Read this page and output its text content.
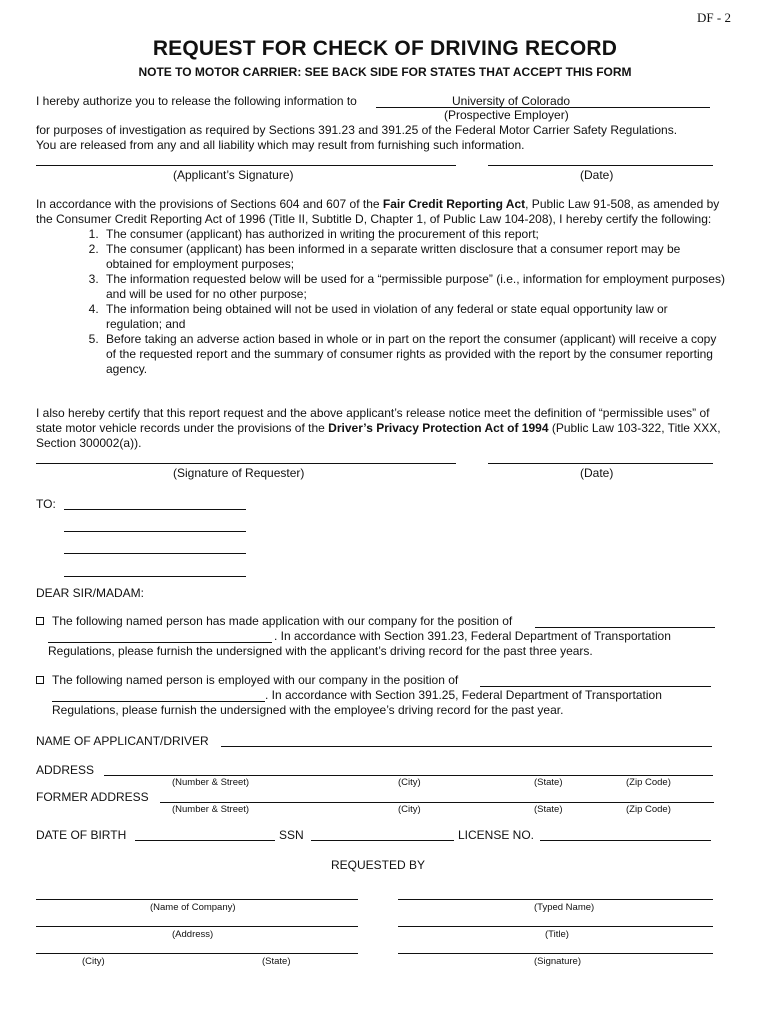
DF - 2
REQUEST FOR CHECK OF DRIVING RECORD
NOTE TO MOTOR CARRIER: SEE BACK SIDE FOR STATES THAT ACCEPT THIS FORM
I hereby authorize you to release the following information to	University of Colorado
(Prospective Employer)
for purposes of investigation as required by Sections 391.23 and 391.25 of the Federal Motor Carrier Safety Regulations.
You are released from any and all liability which may result from furnishing such information.
(Applicant’s Signature)	(Date)

In accordance with the provisions of Sections 604 and 607 of the Fair Credit Reporting Act, Public Law 91-508, as amended by the Consumer Credit Reporting Act of 1996 (Title II, Subtitle D, Chapter 1, of Public Law 104-208), I hereby certify the following:

1. The consumer (applicant) has authorized in writing the procurement of this report;
2. The consumer (applicant) has been informed in a separate written disclosure that a consumer report may be obtained for employment purposes;
3. The information requested below will be used for a “permissible purpose” (i.e., information for employment purposes) and will be used for no other purpose;
4. The information being obtained will not be used in violation of any federal or state equal opportunity law or regulation; and
5. Before taking an adverse action based in whole or in part on the report the consumer (applicant) will receive a copy of the requested report and the summary of consumer rights as provided with the report by the consumer reporting agency.

I also hereby certify that this report request and the above applicant’s release notice meet the definition of “permissible uses” of state motor vehicle records under the provisions of the Driver’s Privacy Protection Act of 1994 (Public Law 103-322, Title XXX, Section 300002(a)).

(Signature of Requester)	(Date)
TO:
DEAR SIR/MADAM:
The following named person has made application with our company for the position of
. In accordance with Section 391.23, Federal Department of Transportation
Regulations, please furnish the undersigned with the applicant’s driving record for the past three years.
The following named person is employed with our company in the position of
. In accordance with Section 391.25, Federal Department of Transportation
Regulations, please furnish the undersigned with the employee’s driving record for the past year.
NAME OF APPLICANT/DRIVER
ADDRESS
(Number & Street)	(City)	(State)	(Zip Code)
FORMER ADDRESS
(Number & Street)	(City)	(State)	(Zip Code)
DATE OF BIRTH	SSN	LICENSE NO.
REQUESTED BY
(Name of Company)	(Typed Name)
(Address)	(Title)
(City)	(State)	(Signature)
